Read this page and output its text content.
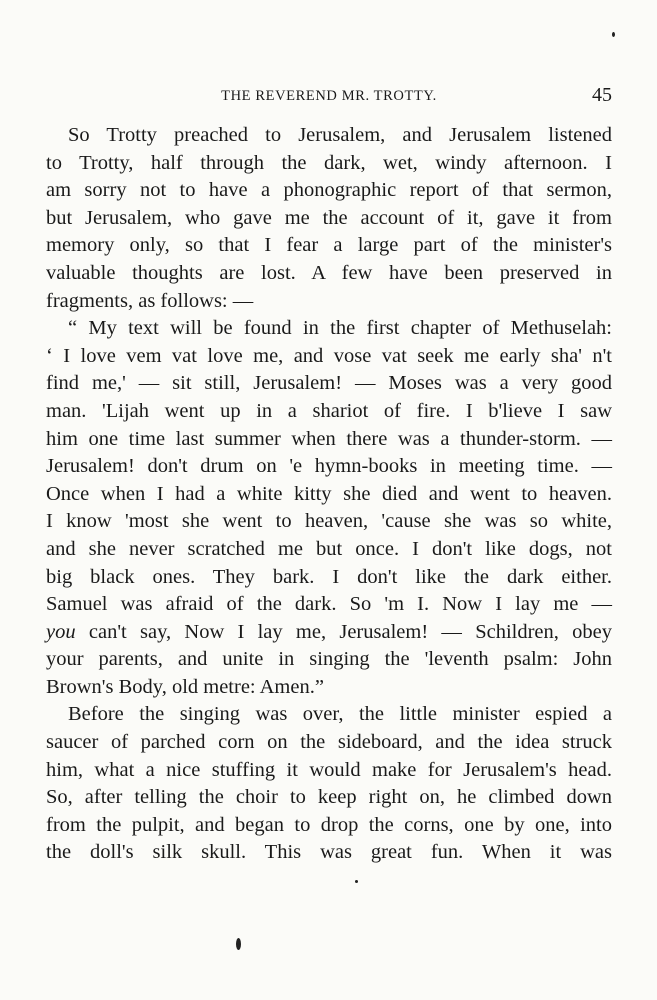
THE REVEREND MR. TROTTY.	45
So Trotty preached to Jerusalem, and Jerusalem listened
to Trotty, half through the dark, wet, windy afternoon. I
am sorry not to have a phonographic report of that sermon,
but Jerusalem, who gave me the account of it, gave it from
memory only, so that I fear a large part of the minister's
valuable thoughts are lost. A few have been preserved in
fragments, as follows: —
“ My text will be found in the first chapter of Methuselah:
‘ I love vem vat love me, and vose vat seek me early sha' n't
find me,' — sit still, Jerusalem! — Moses was a very good
man. 'Lijah went up in a shariot of fire. I b'lieve I saw
him one time last summer when there was a thunder-storm. —
Jerusalem! don't drum on 'e hymn-books in meeting time. —
Once when I had a white kitty she died and went to heaven.
I know 'most she went to heaven, 'cause she was so white,
and she never scratched me but once. I don't like dogs, not
big black ones. They bark. I don't like the dark either.
Samuel was afraid of the dark. So 'm I. Now I lay me —
you can't say, Now I lay me, Jerusalem! — Schildren, obey
your parents, and unite in singing the 'leventh psalm: John
Brown's Body, old metre: Amen.”
Before the singing was over, the little minister espied a
saucer of parched corn on the sideboard, and the idea struck
him, what a nice stuffing it would make for Jerusalem's head.
So, after telling the choir to keep right on, he climbed down
from the pulpit, and began to drop the corns, one by one, into
the doll's silk skull. This was great fun. When it was
